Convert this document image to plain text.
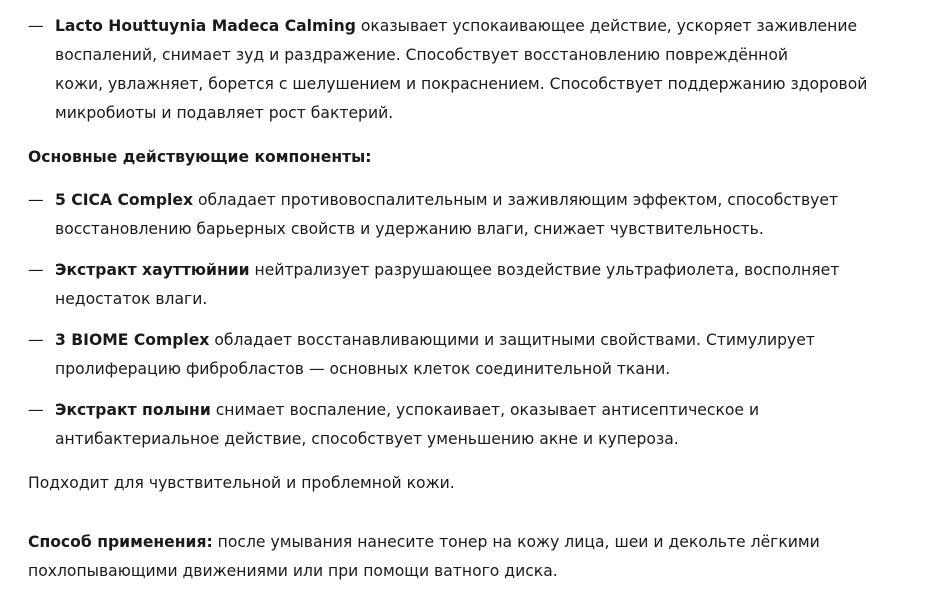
— Lacto Houttuynia Madeca Calming оказывает успокаивающее действие, ускоряет заживление
воспалений, снимает зуд и раздражение. Способствует восстановлению повреждённой
кожи, увлажняет, борется с шелушением и покраснением. Способствует поддержанию здоровой
микробиоты и подавляет рост бактерий.
Основные действующие компоненты:
— 5 CICA Complex обладает противовоспалительным и заживляющим эффектом, способствует
восстановлению барьерных свойств и удержанию влаги, снижает чувствительность.
— Экстракт хауттюйнии нейтрализует разрушающее воздействие ультрафиолета, восполняет
недостаток влаги.
— 3 BIOME Complex обладает восстанавливающими и защитными свойствами. Стимулирует
пролиферацию фибробластов — основных клеток соединительной ткани.
— Экстракт полыни снимает воспаление, успокаивает, оказывает антисептическое и
антибактериальное действие, способствует уменьшению акне и купероза.
Подходит для чувствительной и проблемной кожи.
Способ применения: после умывания нанесите тонер на кожу лица, шеи и декольте лёгкими
похлопывающими движениями или при помощи ватного диска.
